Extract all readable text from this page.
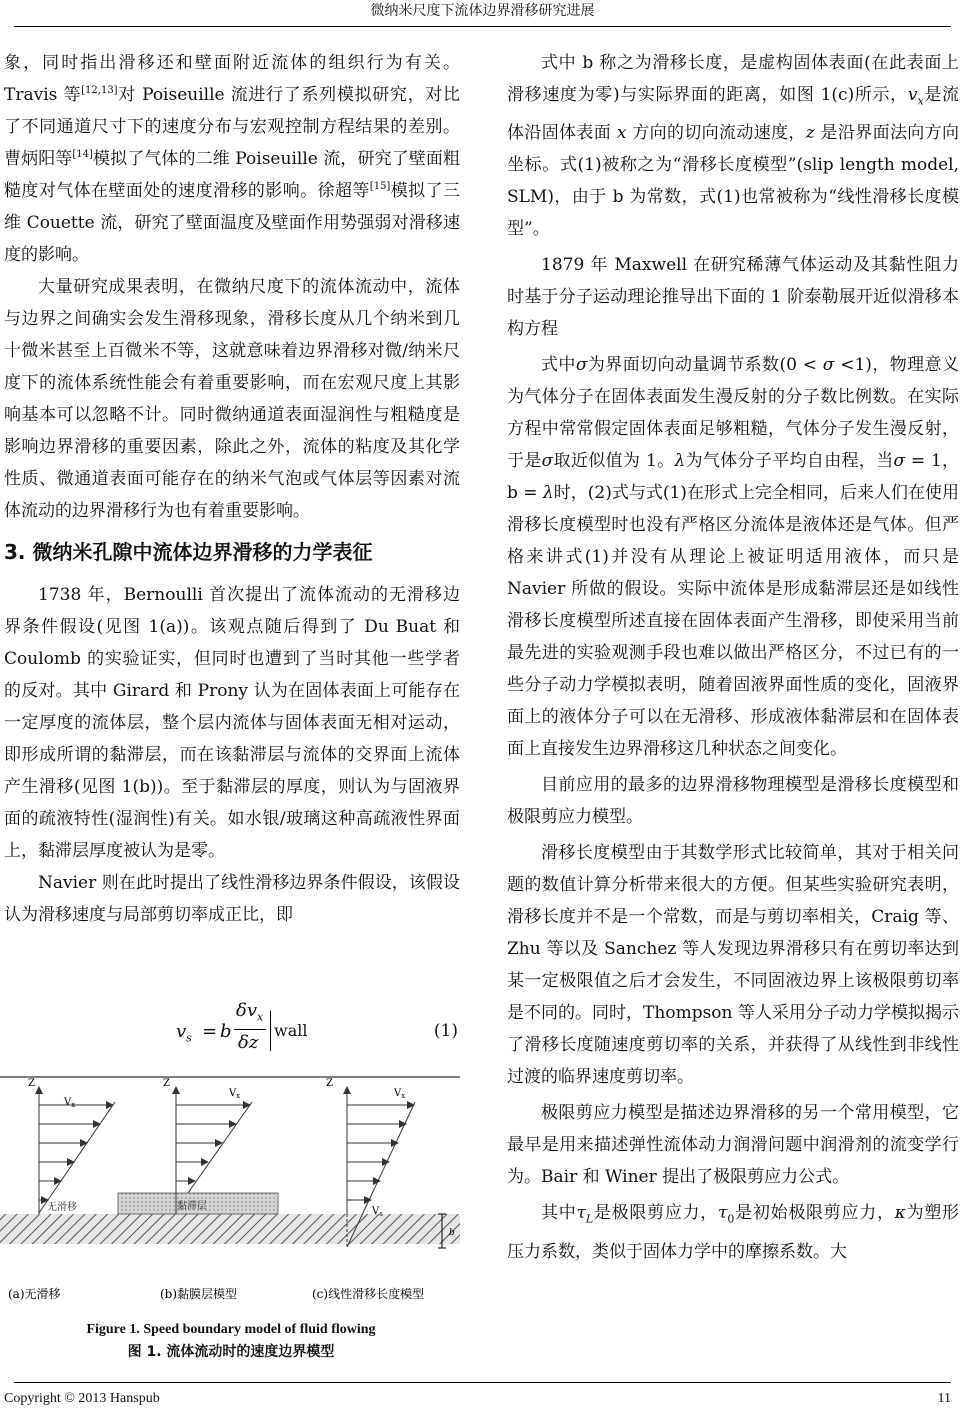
微纳米尺度下流体边界滑移研究进展

象，同时指出滑移还和壁面附近流体的组织行为有关。Travis 等[12,13]对 Poiseuille 流进行了系列模拟研究，对比了不同通道尺寸下的速度分布与宏观控制方程结果的差别。曹炳阳等[14]模拟了气体的二维 Poiseuille 流，研究了壁面粗糙度对气体在壁面处的速度滑移的影响。徐超等[15]模拟了三维 Couette 流，研究了壁面温度及壁面作用势强弱对滑移速度的影响。

大量研究成果表明，在微纳尺度下的流体流动中，流体与边界之间确实会发生滑移现象，滑移长度从几个纳米到几十微米甚至上百微米不等，这就意味着边界滑移对微/纳米尺度下的流体系统性能会有着重要影响，而在宏观尺度上其影响基本可以忽略不计。同时微纳通道表面湿润性与粗糙度是影响边界滑移的重要因素，除此之外，流体的粘度及其化学性质、微通道表面可能存在的纳米气泡或气体层等因素对流体流动的边界滑移行为也有着重要影响。

3. 微纳米孔隙中流体边界滑移的力学表征

1738 年，Bernoulli 首次提出了流体流动的无滑移边界条件假设(见图 1(a))。该观点随后得到了 Du Buat 和 Coulomb 的实验证实，但同时也遭到了当时其他一些学者的反对。其中 Girard 和 Prony 认为在固体表面上可能存在一定厚度的流体层，整个层内流体与固体表面无相对运动，即形成所谓的黏滞层，而在该黏滞层与流体的交界面上流体产生滑移(见图 1(b))。至于黏滞层的厚度，则认为与固液界面的疏液特性(湿润性)有关。如水银/玻璃这种高疏液性界面上，黏滞层厚度被认为是零。

Navier 则在此时提出了线性滑移边界条件假设，该假设认为滑移速度与局部剪切率成正比，即

$v_s = b$
$\delta v_x$
δz
wall	(1)
Z
$V_x$
无滑移
Z
$V_x$
黏滞层
Z
$V_x$
$V_s$
b
(a)无滑移	(b)黏膜层模型	(c)线性滑移长度模型
Figure 1. Speed boundary model of fluid flowing
图 1. 流体流动时的速度边界模型

式中 b 称之为滑移长度，是虚构固体表面(在此表面上滑移速度为零)与实际界面的距离，如图 1(c)所示，$v_x$是流体沿固体表面 x 方向的切向流动速度，z 是沿界面法向方向坐标。式(1)被称之为“滑移长度模型”(slip length model, SLM)，由于 b 为常数，式(1)也常被称为“线性滑移长度模型”。

1879 年 Maxwell 在研究稀薄气体运动及其黏性阻力时基于分子运动理论推导出下面的 1 阶泰勒展开近似滑移本构方程

式中σ为界面切向动量调节系数(0 < σ <1)，物理意义为气体分子在固体表面发生漫反射的分子数比例数。在实际方程中常常假定固体表面足够粗糙，气体分子发生漫反射，于是σ取近似值为 1。λ为气体分子平均自由程，当σ = 1，b = λ时，(2)式与式(1)在形式上完全相同，后来人们在使用滑移长度模型时也没有严格区分流体是液体还是气体。但严格来讲式(1)并没有从理论上被证明适用液体，而只是 Navier 所做的假设。实际中流体是形成黏滞层还是如线性滑移长度模型所述直接在固体表面产生滑移，即使采用当前最先进的实验观测手段也难以做出严格区分，不过已有的一些分子动力学模拟表明，随着固液界面性质的变化，固液界面上的液体分子可以在无滑移、形成液体黏滞层和在固体表面上直接发生边界滑移这几种状态之间变化。

目前应用的最多的边界滑移物理模型是滑移长度模型和极限剪应力模型。

滑移长度模型由于其数学形式比较简单，其对于相关问题的数值计算分析带来很大的方便。但某些实验研究表明，滑移长度并不是一个常数，而是与剪切率相关，Craig 等、Zhu 等以及 Sanchez 等人发现边界滑移只有在剪切率达到某一定极限值之后才会发生，不同固液边界上该极限剪切率是不同的。同时，Thompson 等人采用分子动力学模拟揭示了滑移长度随速度剪切率的关系，并获得了从线性到非线性过渡的临界速度剪切率。

极限剪应力模型是描述边界滑移的另一个常用模型，它最早是用来描述弹性流体动力润滑问题中润滑剂的流变学行为。Bair 和 Winer 提出了极限剪应力公式。

其中$\tau_L$是极限剪应力，$\tau_0$是初始极限剪应力，κ为塑形压力系数，类似于固体力学中的摩擦系数。大

Copyright © 2013 Hanspub	11
